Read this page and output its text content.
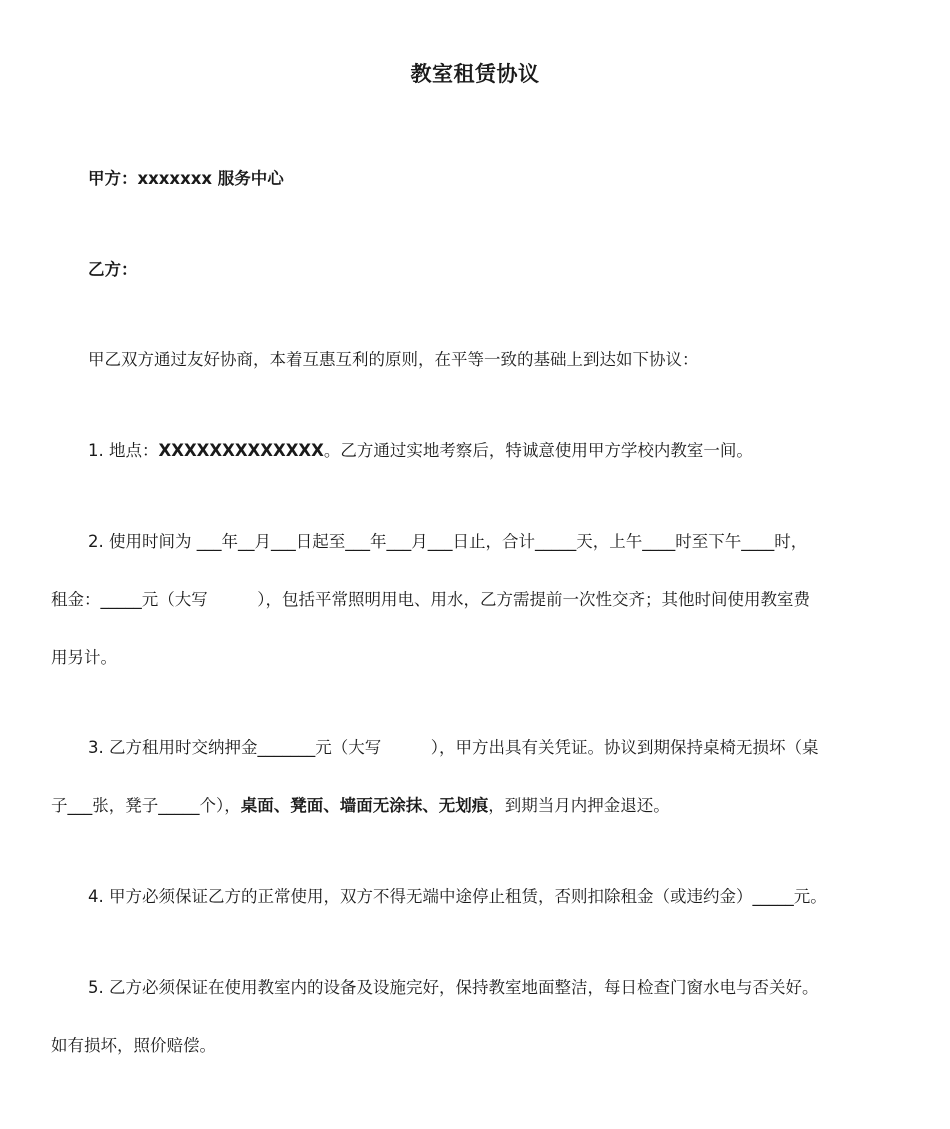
教室租赁协议
甲方：xxxxxxx 服务中心
乙方：
甲乙双方通过友好协商，本着互惠互利的原则，在平等一致的基础上到达如下协议：
1. 地点：XXXXXXXXXXXXX。乙方通过实地考察后，特诚意使用甲方学校内教室一间。
2. 使用时间为 ___年__月___日起至___年___月___日止，合计_____天，上午____时至下午____时，
租金：_____元（大写　　　），包括平常照明用电、用水，乙方需提前一次性交齐；其他时间使用教室费
用另计。
3. 乙方租用时交纳押金_______元（大写　　　），甲方出具有关凭证。协议到期保持桌椅无损坏（桌
子___张，凳子_____个），桌面、凳面、墙面无涂抹、无划痕，到期当月内押金退还。
4. 甲方必须保证乙方的正常使用，双方不得无端中途停止租赁，否则扣除租金（或违约金）_____元。
5. 乙方必须保证在使用教室内的设备及设施完好，保持教室地面整洁，每日检查门窗水电与否关好。
如有损坏，照价赔偿。
